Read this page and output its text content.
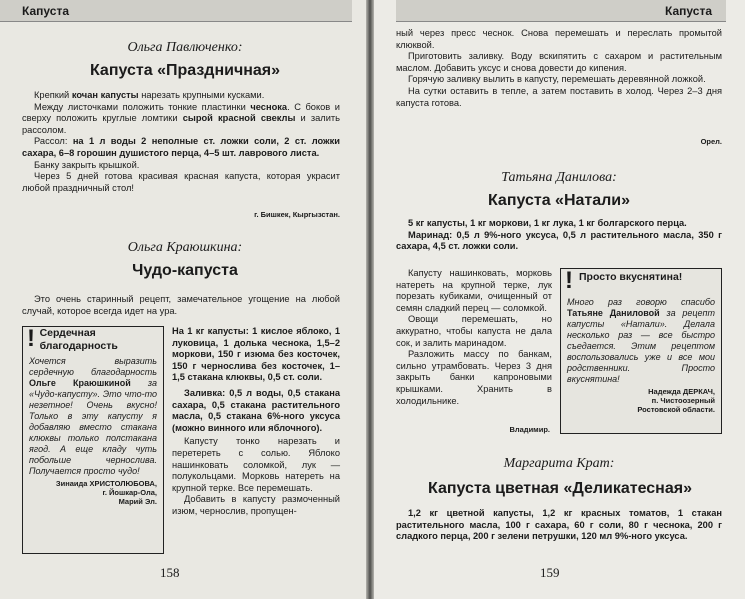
Капуста
Ольга Павлюченко:
Капуста «Праздничная»

Крепкий кочан капусты нарезать крупными кусками.

Между листочками положить тонкие пластинки чеснока. С боков и сверху положить круглые ломтики сырой красной свеклы и залить рассолом.

Рассол: на 1 л воды 2 неполные ст. ложки соли, 2 ст. ложки сахара, 6–8 горошин душистого перца, 4–5 шт. лаврового листа.

Банку закрыть крышкой.

Через 5 дней готова красивая красная капуста, которая украсит любой праздничный стол!

г. Бишкек, Кыргызстан.
Ольга Краюшкина:
Чудо-капуста

Это очень старинный рецепт, замечательное угощение на любой случай, которое всегда идет на ура.

! Сердечная благодарность
Хочется выразить сердечную благодарность Ольге Краюшкиной за «Чудо-капусту». Это что-то незетное! Очень вкусно! Только в эту капусту я добавляю вместо стакана клюквы только полстакана ягод. А еще кладу чуть побольше чернослива. Получается просто чудо!
Зинаида ХРИСТОЛЮБОВА,
г. Йошкар-Ола,
Марий Эл.

На 1 кг капусты: 1 кислое яблоко, 1 луковица, 1 долька чеснока, 1,5–2 моркови, 150 г изюма без косточек, 150 г чернослива без косточек, 1–1,5 стакана клюквы, 0,5 ст. соли.

Заливка: 0,5 л воды, 0,5 стакана сахара, 0,5 стакана растительного масла, 0,5 стакана 6%-ного уксуса (можно винного или яблочного).

Капусту тонко нарезать и перетереть с солью. Яблоко нашинковать соломкой, лук — полукольцами. Морковь натереть на крупной терке. Все перемешать.

Добавить в капусту размоченный изюм, чернослив, пропущен-

158
Капуста

ный через пресс чеснок. Снова перемешать и переслать промытой клюквой.

Приготовить заливку. Воду вскипятить с сахаром и растительным маслом. Добавить уксус и снова довести до кипения.

Горячую заливку вылить в капусту, перемешать деревянной ложкой.

На сутки оставить в тепле, а затем поставить в холод. Через 2–3 дня капуста готова.

Орел.
Татьяна Данилова:
Капуста «Натали»

5 кг капусты, 1 кг моркови, 1 кг лука, 1 кг болгарского перца.

Маринад: 0,5 л 9%-ного уксуса, 0,5 л растительного масла, 350 г сахара, 4,5 ст. ложки соли.

Капусту нашинковать, морковь натереть на крупной терке, лук порезать кубиками, очищенный от семян сладкий перец — соломкой.

Овощи перемешать, но аккуратно, чтобы капуста не дала сок, и залить маринадом.

Разложить массу по банкам, сильно утрамбовать. Через 3 дня закрыть банки капроновыми крышками. Хранить в холодильнике.

Владимир.
! Просто вкуснятина!
Много раз говорю спасибо Татьяне Даниловой за рецепт капусты «Натали». Делала несколько раз — все быстро съедается. Этим рецептом воспользовались уже и все мои родственники. Просто вкуснятина!
Надежда ДЕРКАЧ,
п. Чистоозерный
Ростовской области.
Маргарита Крат:
Капуста цветная «Деликатесная»

1,2 кг цветной капусты, 1,2 кг красных томатов, 1 стакан растительного масла, 100 г сахара, 60 г соли, 80 г чеснока, 200 г сладкого перца, 200 г зелени петрушки, 120 мл 9%-ного уксуса.

159
